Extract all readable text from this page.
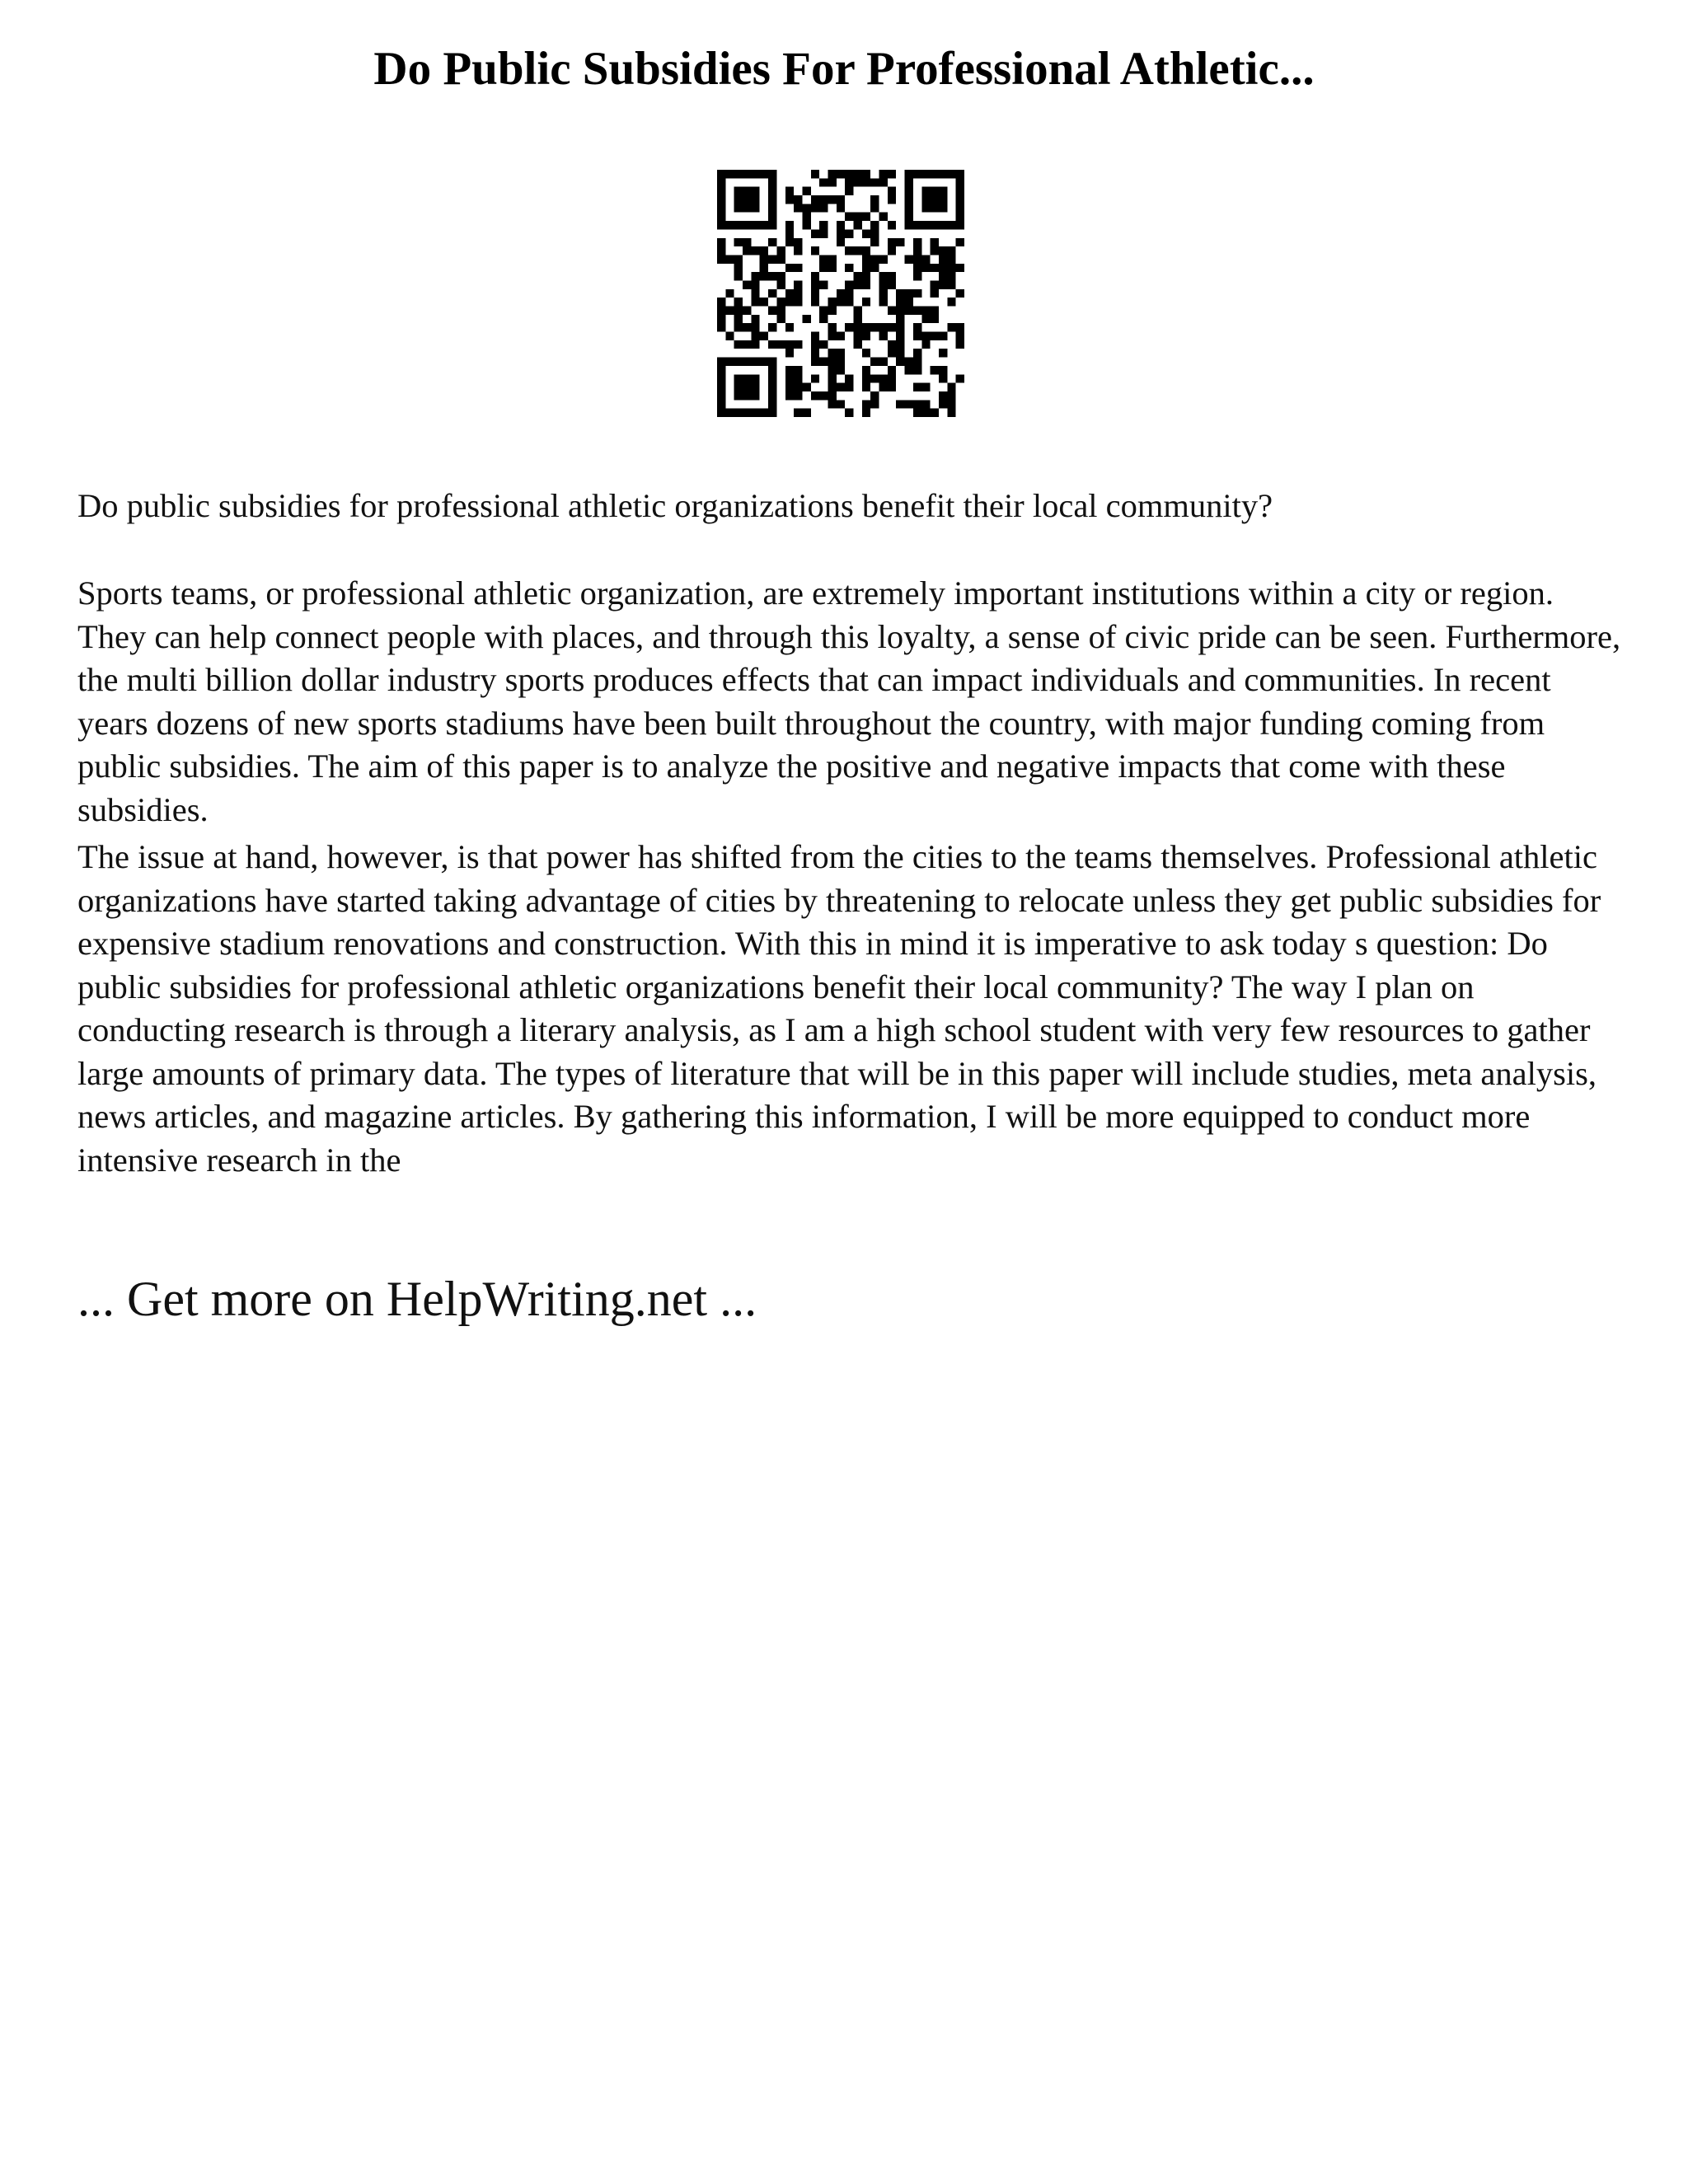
Do Public Subsidies For Professional Athletic...

Do public subsidies for professional athletic organizations benefit their local community?

Sports teams, or professional athletic organization, are extremely important institutions within a city or region. They can help connect people with places, and through this loyalty, a sense of civic pride can be seen. Furthermore, the multi billion dollar industry sports produces effects that can impact individuals and communities. In recent years dozens of new sports stadiums have been built throughout the country, with major funding coming from public subsidies. The aim of this paper is to analyze the positive and negative impacts that come with these subsidies.

The issue at hand, however, is that power has shifted from the cities to the teams themselves. Professional athletic organizations have started taking advantage of cities by threatening to relocate unless they get public subsidies for expensive stadium renovations and construction. With this in mind it is imperative to ask today s question: Do public subsidies for professional athletic organizations benefit their local community? The way I plan on conducting research is through a literary analysis, as I am a high school student with very few resources to gather large amounts of primary data. The types of literature that will be in this paper will include studies, meta analysis, news articles, and magazine articles. By gathering this information, I will be more equipped to conduct more intensive research in the

... Get more on HelpWriting.net ...
